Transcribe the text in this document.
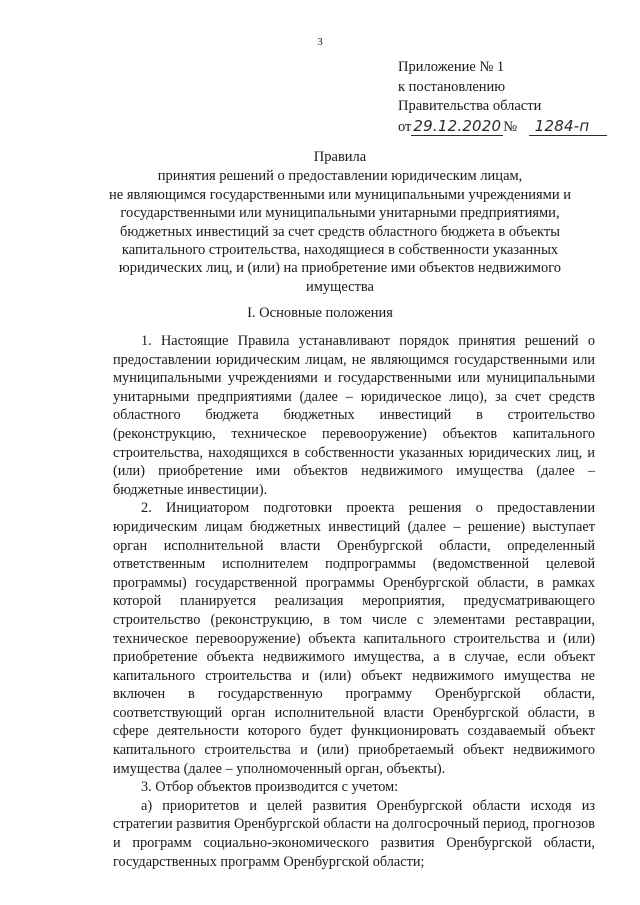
3
Приложение № 1
к постановлению
Правительства области
от 29.12.2020 № 1284-п
Правила
принятия решений о предоставлении юридическим лицам,
не являющимся государственными или муниципальными учреждениями и
государственными или муниципальными унитарными предприятиями,
бюджетных инвестиций за счет средств областного бюджета в объекты
капитального строительства, находящиеся в собственности указанных
юридических лиц, и (или) на приобретение ими объектов недвижимого
имущества
I. Основные положения

1. Настоящие Правила устанавливают порядок принятия решений о предоставлении юридическим лицам, не являющимся государственными или муниципальными учреждениями и государственными или муниципальными унитарными предприятиями (далее – юридическое лицо), за счет средств областного бюджета бюджетных инвестиций в строительство (реконструкцию, техническое перевооружение) объектов капитального строительства, находящихся в собственности указанных юридических лиц, и (или) приобретение ими объектов недвижимого имущества (далее – бюджетные инвестиции).

2. Инициатором подготовки проекта решения о предоставлении юридическим лицам бюджетных инвестиций (далее – решение) выступает орган исполнительной власти Оренбургской области, определенный ответственным исполнителем подпрограммы (ведомственной целевой программы) государственной программы Оренбургской области, в рамках которой планируется реализация мероприятия, предусматривающего строительство (реконструкцию, в том числе с элементами реставрации, техническое перевооружение) объекта капитального строительства и (или) приобретение объекта недвижимого имущества, а в случае, если объект капитального строительства и (или) объект недвижимого имущества не включен в государственную программу Оренбургской области, соответствующий орган исполнительной власти Оренбургской области, в сфере деятельности которого будет функционировать создаваемый объект капитального строительства и (или) приобретаемый объект недвижимого имущества (далее – уполномоченный орган, объекты).

3. Отбор объектов производится с учетом:

а) приоритетов и целей развития Оренбургской области исходя из стратегии развития Оренбургской области на долгосрочный период, прогнозов и программ социально-экономического развития Оренбургской области, государственных программ Оренбургской области;
